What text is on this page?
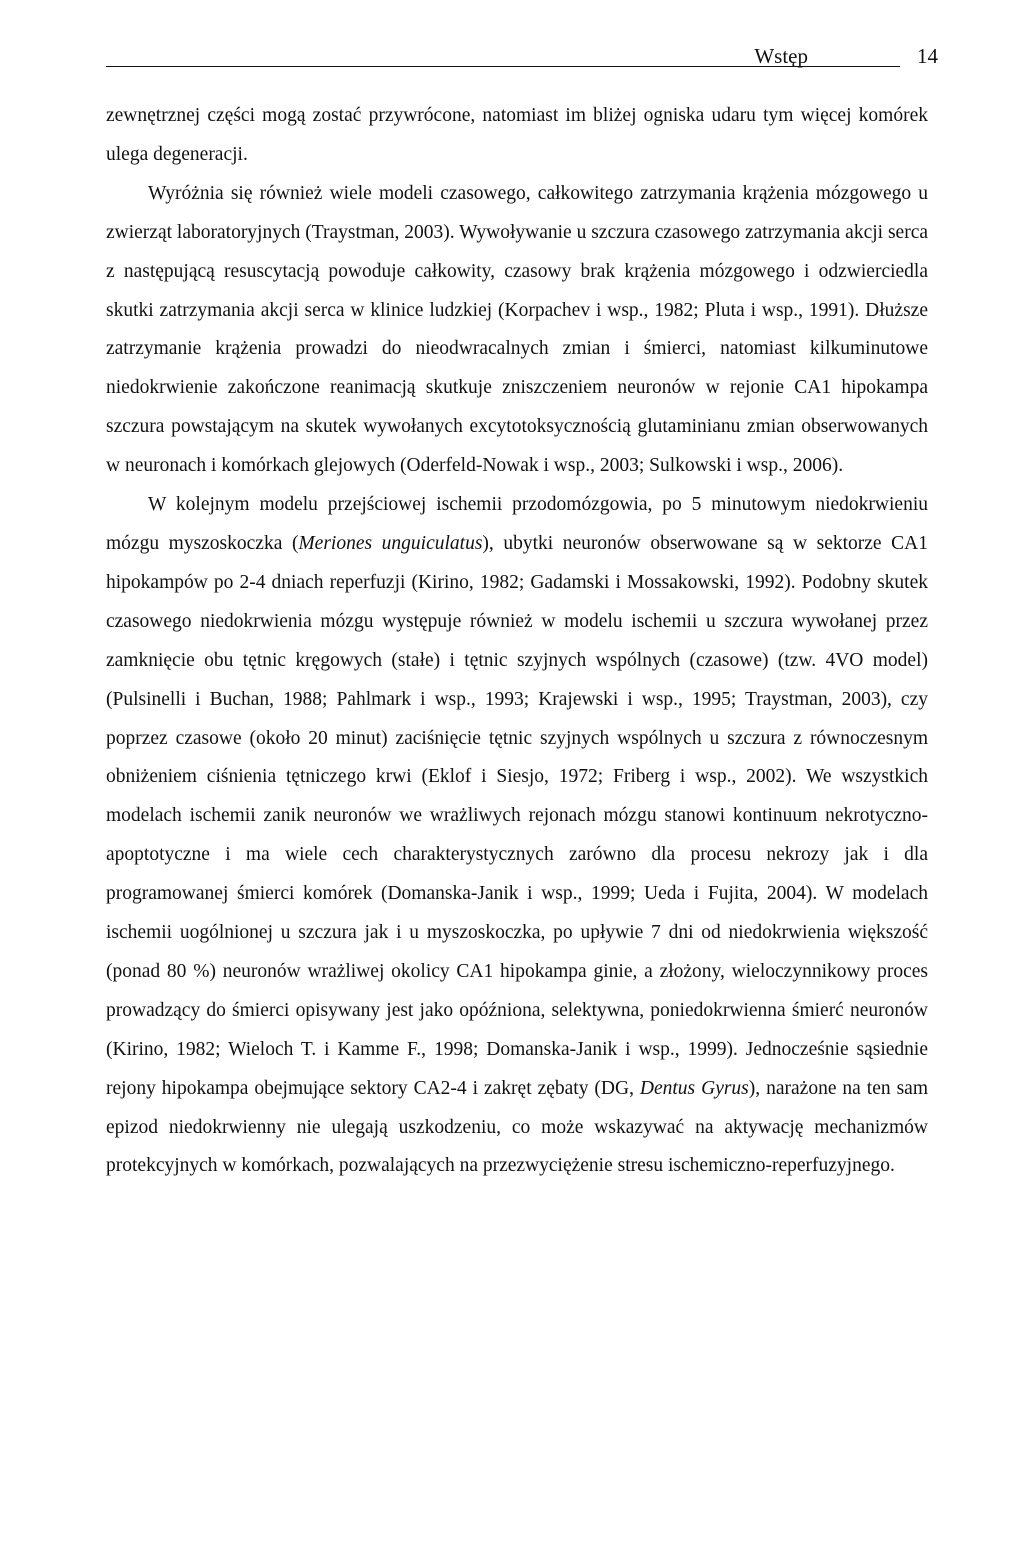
Wstęp	14

zewnętrznej części mogą zostać przywrócone, natomiast im bliżej ogniska udaru tym więcej komórek ulega degeneracji.

Wyróżnia się również wiele modeli czasowego, całkowitego zatrzymania krążenia mózgowego u zwierząt laboratoryjnych (Traystman, 2003). Wywoływanie u szczura czasowego zatrzymania akcji serca z następującą resuscytacją powoduje całkowity, czasowy brak krążenia mózgowego i odzwierciedla skutki zatrzymania akcji serca w klinice ludzkiej (Korpachev i wsp., 1982; Pluta i wsp., 1991). Dłuższe zatrzymanie krążenia prowadzi do nieodwracalnych zmian i śmierci, natomiast kilkuminutowe niedokrwienie zakończone reanimacją skutkuje zniszczeniem neuronów w rejonie CA1 hipokampa szczura powstającym na skutek wywołanych excytotoksycznością glutaminianu zmian obserwowanych w neuronach i komórkach glejowych (Oderfeld-Nowak i wsp., 2003; Sulkowski i wsp., 2006).

W kolejnym modelu przejściowej ischemii przodomózgowia, po 5 minutowym niedokrwieniu mózgu myszoskoczka (Meriones unguiculatus), ubytki neuronów obserwowane są w sektorze CA1 hipokampów po 2-4 dniach reperfuzji (Kirino, 1982; Gadamski i Mossakowski, 1992). Podobny skutek czasowego niedokrwienia mózgu występuje również w modelu ischemii u szczura wywołanej przez zamknięcie obu tętnic kręgowych (stałe) i tętnic szyjnych wspólnych (czasowe) (tzw. 4VO model) (Pulsinelli i Buchan, 1988; Pahlmark i wsp., 1993; Krajewski i wsp., 1995; Traystman, 2003), czy poprzez czasowe (około 20 minut) zaciśnięcie tętnic szyjnych wspólnych u szczura z równoczesnym obniżeniem ciśnienia tętniczego krwi (Eklof i Siesjo, 1972; Friberg i wsp., 2002). We wszystkich modelach ischemii zanik neuronów we wrażliwych rejonach mózgu stanowi kontinuum nekrotyczno-apoptotyczne i ma wiele cech charakterystycznych zarówno dla procesu nekrozy jak i dla programowanej śmierci komórek (Domanska-Janik i wsp., 1999; Ueda i Fujita, 2004). W modelach ischemii uogólnionej u szczura jak i u myszoskoczka, po upływie 7 dni od niedokrwienia większość (ponad 80 %) neuronów wrażliwej okolicy CA1 hipokampa ginie, a złożony, wieloczynnikowy proces prowadzący do śmierci opisywany jest jako opóźniona, selektywna, poniedokrwienna śmierć neuronów (Kirino, 1982; Wieloch T. i Kamme F., 1998; Domanska-Janik i wsp., 1999). Jednocześnie sąsiednie rejony hipokampa obejmujące sektory CA2-4 i zakręt zębaty (DG, Dentus Gyrus), narażone na ten sam epizod niedokrwienny nie ulegają uszkodzeniu, co może wskazywać na aktywację mechanizmów protekcyjnych w komórkach, pozwalających na przezwyciężenie stresu ischemiczno-reperfuzyjnego.
